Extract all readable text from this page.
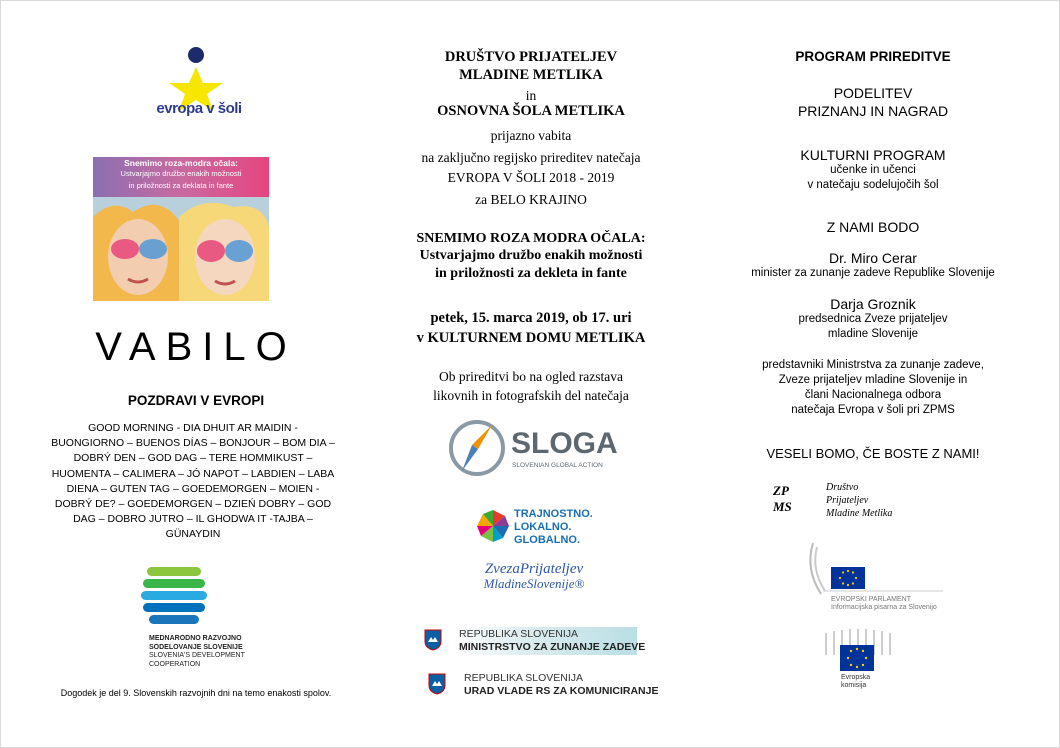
evropa v šoli
Snemimo roza-modra očala:
Ustvarjajmo družbo enakih možnosti
in priložnosti za deklata in fante
VABILO
POZDRAVI V EVROPI
GOOD MORNING - DIA DHUIT AR MAIDIN -
BUONGIORNO – BUENOS DÍAS – BONJOUR – BOM DIA –
DOBRÝ DEN – GOD DAG – TERE HOMMIKUST –
HUOMENTA – CALIMERA – JÓ NAPOT – LABDIEN – LABA
DIENA – GUTEN TAG – GOEDEMORGEN – MOIEN -
DOBRÝ DE? – GOEDEMORGEN – DZIEŃ DOBRY – GOD
DAG – DOBRO JUTRO – IL GHODWA IT -TAJBA –
GÜNAYDIN
MEDNARODNO RAZVOJNO
SODELOVANJE SLOVENIJE
SLOVENIA'S DEVELOPMENT
COOPERATION
Dogodek je del 9. Slovenskih razvojnih dni na temo enakosti spolov.
DRUŠTVO PRIJATELJEV
MLADINE METLIKA
in
OSNOVNA ŠOLA METLIKA
prijazno vabita
na zaključno regijsko prireditev natečaja
EVROPA V ŠOLI 2018 - 2019
za BELO KRAJINO
SNEMIMO ROZA MODRA OČALA:
Ustvarjajmo družbo enakih možnosti
in priložnosti za dekleta in fante
petek, 15. marca 2019, ob 17. uri
v KULTURNEM DOMU METLIKA
Ob prireditvi bo na ogled razstava
likovnih in fotografskih del natečaja
SLOGA
SLOVENIAN GLOBAL ACTION
TRAJNOSTNO.
LOKALNO.
GLOBALNO.
ZvezaPrijateljev
MladineSlovenije®
REPUBLIKA SLOVENIJA
MINISTRSTVO ZA ZUNANJE ZADEVE
REPUBLIKA SLOVENIJA
URAD VLADE RS ZA KOMUNICIRANJE
PROGRAM PRIREDITVE
PODELITEV
PRIZNANJ IN NAGRAD
KULTURNI PROGRAM
učenke in učenci
v natečaju sodelujočih šol
Z NAMI BODO
Dr. Miro Cerar
minister za zunanje zadeve Republike Slovenije
Darja Groznik
predsednica Zveze prijateljev
mladine Slovenije
predstavniki Ministrstva za zunanje zadeve,
Zveze prijateljev mladine Slovenije in
člani Nacionalnega odbora
natečaja Evropa v šoli pri ZPMS
VESELI BOMO, ČE BOSTE Z NAMI!
ZP
MS
Društvo
Prijateljev
Mladine Metlika
EVROPSKI PARLAMENT
Informacijska pisarna za Slovenijo
Evropska
komisija
